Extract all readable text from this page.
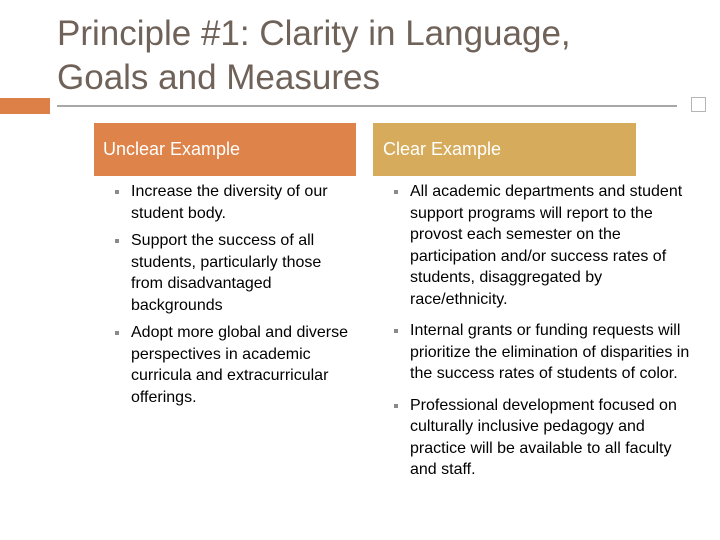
Principle #1: Clarity in Language,
Goals and Measures
Unclear Example	Clear Example
Increase the diversity of our student body.
Support the success of all students, particularly those from disadvantaged backgrounds
Adopt more global and diverse perspectives in academic curricula and extracurricular offerings.
All academic departments and student support programs will report to the provost each semester on the participation and/or success rates of students, disaggregated by race/ethnicity.
Internal grants or funding requests will prioritize the elimination of disparities in the success rates of students of color.
Professional development focused on culturally inclusive pedagogy and practice will be available to all faculty and staff.
